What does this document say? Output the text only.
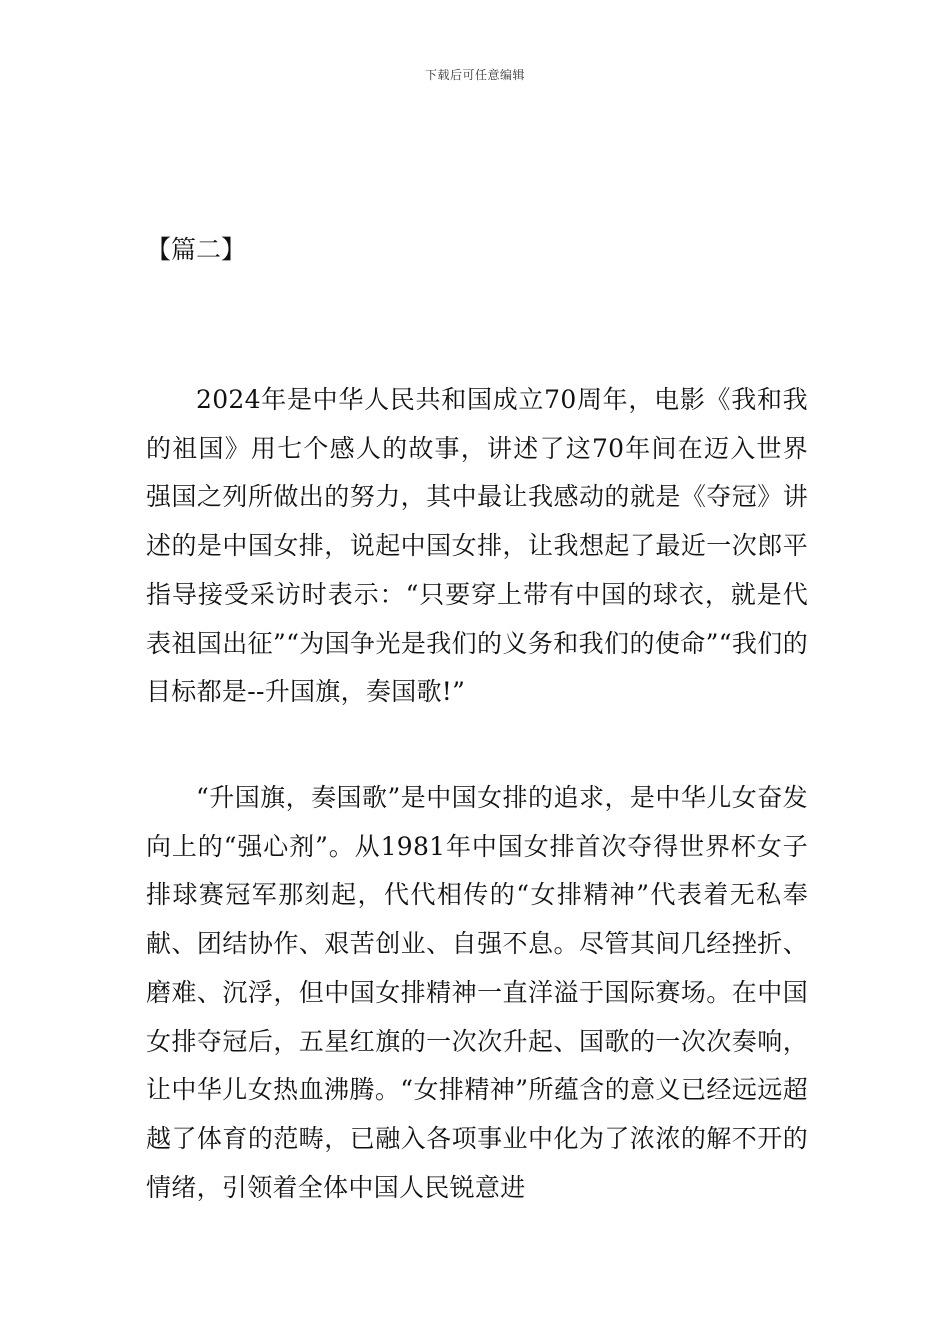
下载后可任意编辑
【篇二】

2024年是中华人民共和国成立70周年，电影《我和我的祖国》用七个感人的故事，讲述了这70年间在迈入世界强国之列所做出的努力，其中最让我感动的就是《夺冠》讲述的是中国女排，说起中国女排，让我想起了最近一次郎平指导接受采访时表示：“只要穿上带有中国的球衣，就是代表祖国出征”“为国争光是我们的义务和我们的使命”“我们的目标都是--升国旗，奏国歌!”

“升国旗，奏国歌”是中国女排的追求，是中华儿女奋发向上的“强心剂”。从1981年中国女排首次夺得世界杯女子排球赛冠军那刻起，代代相传的“女排精神”代表着无私奉献、团结协作、艰苦创业、自强不息。尽管其间几经挫折、磨难、沉浮，但中国女排精神一直洋溢于国际赛场。在中国女排夺冠后，五星红旗的一次次升起、国歌的一次次奏响，让中华儿女热血沸腾。“女排精神”所蕴含的意义已经远远超越了体育的范畴，已融入各项事业中化为了浓浓的解不开的情绪，引领着全体中国人民锐意进
